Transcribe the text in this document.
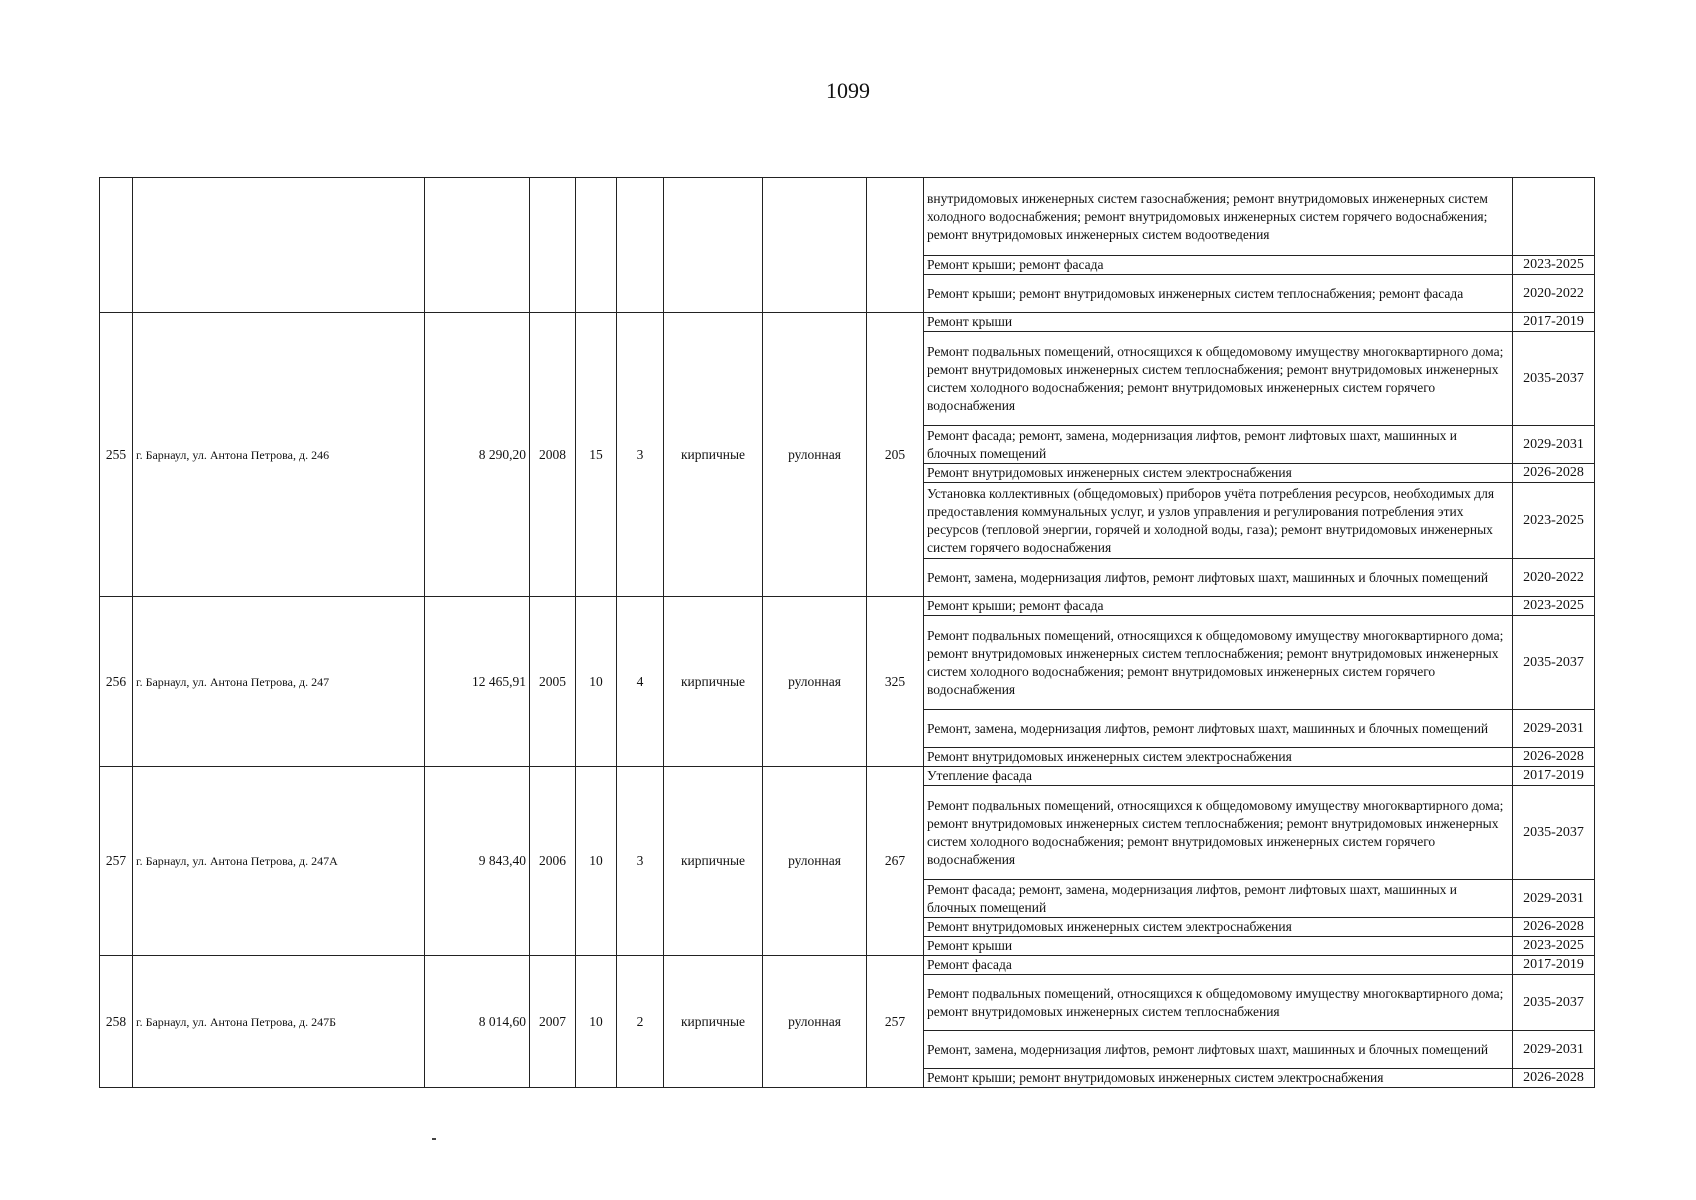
1099
									внутридомовых инженерных систем газоснабжения; ремонт внутридомовых инженерных систем холодного водоснабжения; ремонт внутридомовых инженерных систем горячего водоснабжения; ремонт внутридомовых инженерных систем водоотведения	
									Ремонт крыши; ремонт фасада	2023-2025
									Ремонт крыши; ремонт внутридомовых инженерных систем теплоснабжения; ремонт фасада	2020-2022
255	г. Барнаул, ул. Антона Петрова, д. 246	8 290,20	2008	15	3	кирпичные	рулонная	205	Ремонт крыши	2017-2019
									Ремонт подвальных помещений, относящихся к общедомовому имуществу многоквартирного дома; ремонт внутридомовых инженерных систем теплоснабжения; ремонт внутридомовых инженерных систем холодного водоснабжения; ремонт внутридомовых инженерных систем горячего водоснабжения	2035-2037
									Ремонт фасада; ремонт, замена, модернизация лифтов, ремонт лифтовых шахт, машинных и блочных помещений	2029-2031
									Ремонт внутридомовых инженерных систем электроснабжения	2026-2028
									Установка коллективных (общедомовых) приборов учёта потребления ресурсов, необходимых для предоставления коммунальных услуг, и узлов управления и регулирования потребления этих ресурсов (тепловой энергии, горячей и холодной воды, газа); ремонт внутридомовых инженерных систем горячего водоснабжения	2023-2025
									Ремонт, замена, модернизация лифтов, ремонт лифтовых шахт, машинных и блочных помещений	2020-2022
256	г. Барнаул, ул. Антона Петрова, д. 247	12 465,91	2005	10	4	кирпичные	рулонная	325	Ремонт крыши; ремонт фасада	2023-2025
									Ремонт подвальных помещений, относящихся к общедомовому имуществу многоквартирного дома; ремонт внутридомовых инженерных систем теплоснабжения; ремонт внутридомовых инженерных систем холодного водоснабжения; ремонт внутридомовых инженерных систем горячего водоснабжения	2035-2037
									Ремонт, замена, модернизация лифтов, ремонт лифтовых шахт, машинных и блочных помещений	2029-2031
									Ремонт внутридомовых инженерных систем электроснабжения	2026-2028
257	г. Барнаул, ул. Антона Петрова, д. 247А	9 843,40	2006	10	3	кирпичные	рулонная	267	Утепление фасада	2017-2019
									Ремонт подвальных помещений, относящихся к общедомовому имуществу многоквартирного дома; ремонт внутридомовых инженерных систем теплоснабжения; ремонт внутридомовых инженерных систем холодного водоснабжения; ремонт внутридомовых инженерных систем горячего водоснабжения	2035-2037
									Ремонт фасада; ремонт, замена, модернизация лифтов, ремонт лифтовых шахт, машинных и блочных помещений	2029-2031
									Ремонт внутридомовых инженерных систем электроснабжения	2026-2028
									Ремонт крыши	2023-2025
258	г. Барнаул, ул. Антона Петрова, д. 247Б	8 014,60	2007	10	2	кирпичные	рулонная	257	Ремонт фасада	2017-2019
									Ремонт подвальных помещений, относящихся к общедомовому имуществу многоквартирного дома; ремонт внутридомовых инженерных систем теплоснабжения	2035-2037
									Ремонт, замена, модернизация лифтов, ремонт лифтовых шахт, машинных и блочных помещений	2029-2031
									Ремонт крыши; ремонт внутридомовых инженерных систем электроснабжения	2026-2028
